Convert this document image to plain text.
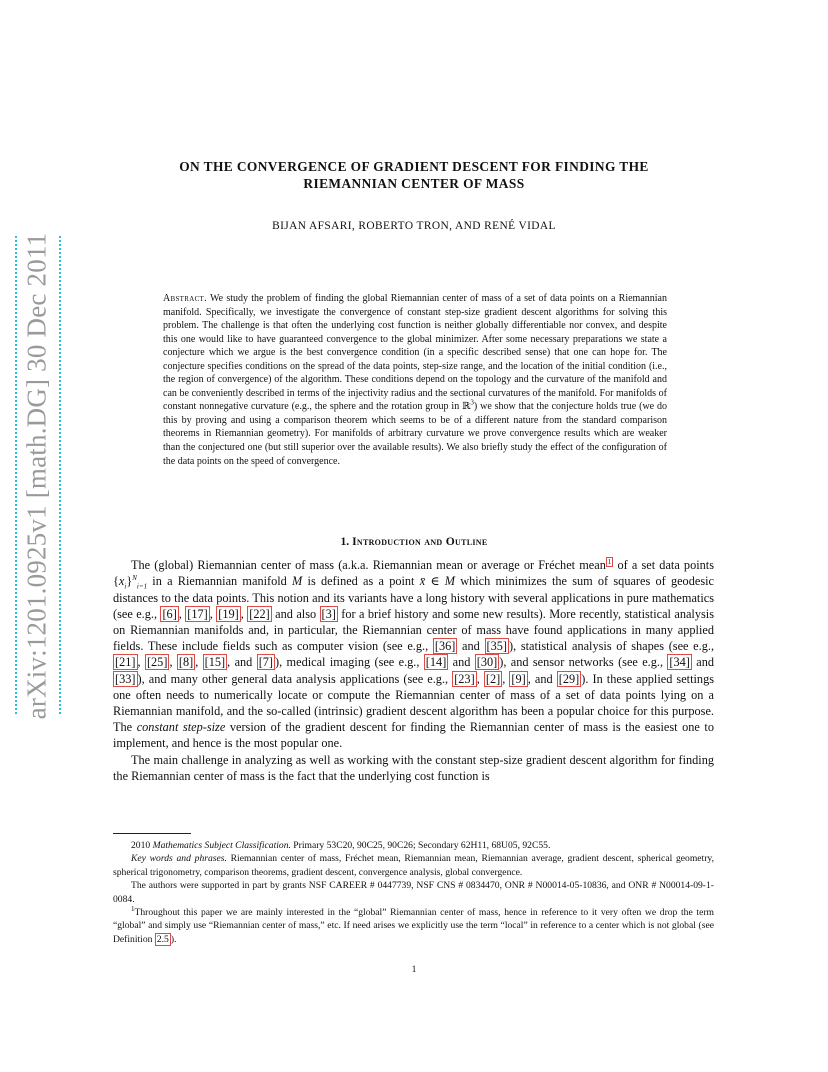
arXiv:1201.0925v1 [math.DG] 30 Dec 2011
ON THE CONVERGENCE OF GRADIENT DESCENT FOR FINDING THE
RIEMANNIAN CENTER OF MASS

BIJAN AFSARI, ROBERTO TRON, AND RENÉ VIDAL

Abstract. We study the problem of finding the global Riemannian center of mass of a set of data points on a Riemannian manifold. Specifically, we investigate the convergence of constant step-size gradient descent algorithms for solving this problem. The challenge is that often the underlying cost function is neither globally differentiable nor convex, and despite this one would like to have guaranteed convergence to the global minimizer. After some necessary preparations we state a conjecture which we argue is the best convergence condition (in a specific described sense) that one can hope for. The conjecture specifies conditions on the spread of the data points, step-size range, and the location of the initial condition (i.e., the region of convergence) of the algorithm. These conditions depend on the topology and the curvature of the manifold and can be conveniently described in terms of the injectivity radius and the sectional curvatures of the manifold. For manifolds of constant nonnegative curvature (e.g., the sphere and the rotation group in ℝ$^3$) we show that the conjecture holds true (we do this by proving and using a comparison theorem which seems to be of a different nature from the standard comparison theorems in Riemannian geometry). For manifolds of arbitrary curvature we prove convergence results which are weaker than the conjectured one (but still superior over the available results). We also briefly study the effect of the configuration of the data points on the speed of convergence.

1. Introduction and Outline

The (global) Riemannian center of mass (a.k.a. Riemannian mean or average or Fréchet mean $^1$ of a set data points $\{x_i\}^N_{i=1}$ in a Riemannian manifold M is defined as a point x̄ ∈ M which minimizes the sum of squares of geodesic distances to the data points. This notion and its variants have a long history with several applications in pure mathematics (see e.g., [6] , [17] , [19] , [22] and also [3] for a brief history and some new results). More recently, statistical analysis on Riemannian manifolds and, in particular, the Riemannian center of mass have found applications in many applied fields. These include fields such as computer vision (see e.g., [36] and [35] ), statistical analysis of shapes (see e.g., [21] , [25] , [8] , [15] , and [7] ), medical imaging (see e.g., [14] and [30] ), and sensor networks (see e.g., [34] and [33] ), and many other general data analysis applications (see e.g., [23] , [2] , [9] , and [29] ). In these applied settings one often needs to numerically locate or compute the Riemannian center of mass of a set of data points lying on a Riemannian manifold, and the so-called (intrinsic) gradient descent algorithm has been a popular choice for this purpose. The constant step-size version of the gradient descent for finding the Riemannian center of mass is the easiest one to implement, and hence is the most popular one.

The main challenge in analyzing as well as working with the constant step-size gradient descent algorithm for finding the Riemannian center of mass is the fact that the underlying cost function is

2010 Mathematics Subject Classification. Primary 53C20, 90C25, 90C26; Secondary 62H11, 68U05, 92C55.

Key words and phrases. Riemannian center of mass, Fréchet mean, Riemannian mean, Riemannian average, gradient descent, spherical geometry, spherical trigonometry, comparison theorems, gradient descent, convergence analysis, global convergence.

The authors were supported in part by grants NSF CAREER # 0447739, NSF CNS # 0834470, ONR # N00014-05-10836, and ONR # N00014-09-1-0084.

$^1$Throughout this paper we are mainly interested in the “global” Riemannian center of mass, hence in reference to it very often we drop the term “global” and simply use “Riemannian center of mass,” etc. If need arises we explicitly use the term “local” in reference to a center which is not global (see Definition 2.5 ).

1
